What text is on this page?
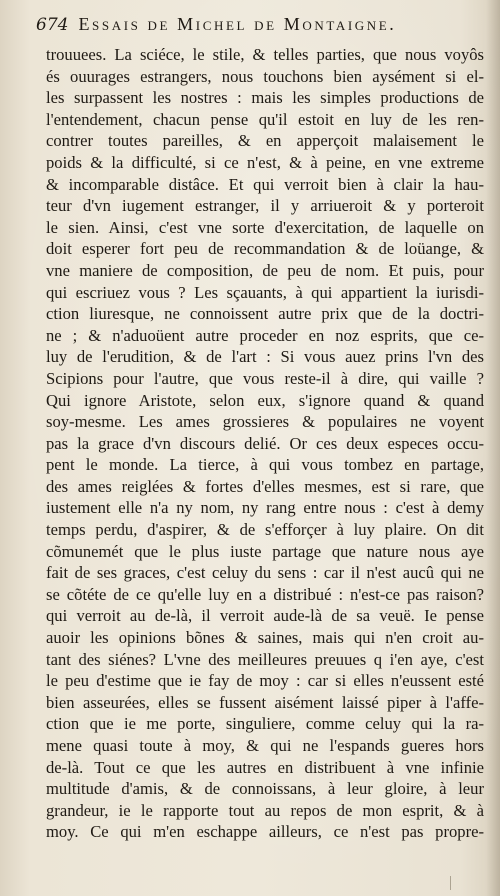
674 Essais de Michel de Montaigne.
trouuees. La sciéce, le stile, & telles parties, que nous voyôs
és ouurages estrangers, nous touchons bien aysément si el-
les surpassent les nostres : mais les simples productions de
l'entendement, chacun pense qu'il estoit en luy de les ren-
contrer toutes pareilles, & en apperçoit malaisement le
poids & la difficulté, si ce n'est, & à peine, en vne extreme
& incomparable distâce. Et qui verroit bien à clair la hau-
teur d'vn iugement estranger, il y arriueroit & y porteroit
le sien. Ainsi, c'est vne sorte d'exercitation, de laquelle on
doit esperer fort peu de recommandation & de loüange, &
vne maniere de composition, de peu de nom. Et puis, pour
qui escriuez vous ? Les sçauants, à qui appartient la iurisdi-
ction liuresque, ne connoissent autre prix que de la doctri-
ne ; & n'aduoüent autre proceder en noz esprits, que ce-
luy de l'erudition, & de l'art : Si vous auez prins l'vn des
Scipions pour l'autre, que vous reste-il à dire, qui vaille ?
Qui ignore Aristote, selon eux, s'ignore quand & quand
soy-mesme. Les ames grossieres & populaires ne voyent
pas la grace d'vn discours delié. Or ces deux especes occu-
pent le monde. La tierce, à qui vous tombez en partage,
des ames reiglées & fortes d'elles mesmes, est si rare, que
iustement elle n'a ny nom, ny rang entre nous : c'est à demy
temps perdu, d'aspirer, & de s'efforçer à luy plaire. On dit
cõmunemét que le plus iuste partage que nature nous aye
fait de ses graces, c'est celuy du sens : car il n'est aucû qui ne
se cõtéte de ce qu'elle luy en a distribué : n'est-ce pas raison?
qui verroit au de-là, il verroit aude-là de sa veuë. Ie pense
auoir les opinions bõnes & saines, mais qui n'en croit au-
tant des siénes? L'vne des meilleures preuues q i'en aye, c'est
le peu d'estime que ie fay de moy : car si elles n'eussent esté
bien asseurées, elles se fussent aisément laissé piper à l'affe-
ction que ie me porte, singuliere, comme celuy qui la ra-
mene quasi toute à moy, & qui ne l'espands gueres hors
de-là. Tout ce que les autres en distribuent à vne infinie
multitude d'amis, & de connoissans, à leur gloire, à leur
grandeur, ie le rapporte tout au repos de mon esprit, & à
moy. Ce qui m'en eschappe ailleurs, ce n'est pas propre-
